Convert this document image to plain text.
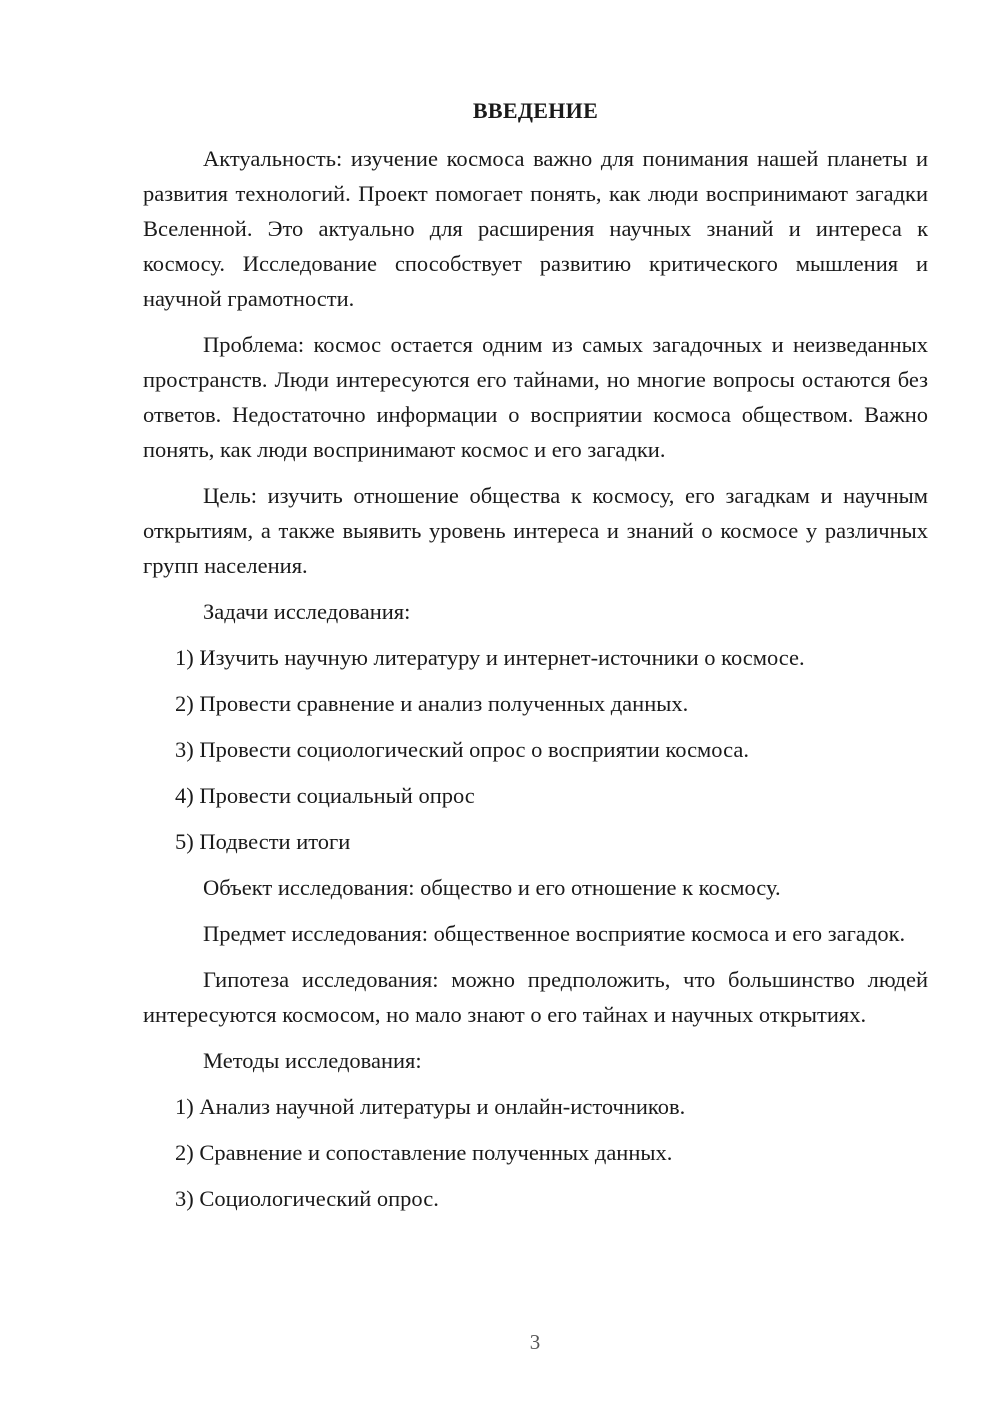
ВВЕДЕНИЕ

Актуальность: изучение космоса важно для понимания нашей планеты и развития технологий. Проект помогает понять, как люди воспринимают загадки Вселенной. Это актуально для расширения научных знаний и интереса к космосу. Исследование способствует развитию критического мышления и научной грамотности.

Проблема: космос остается одним из самых загадочных и неизведанных пространств. Люди интересуются его тайнами, но многие вопросы остаются без ответов. Недостаточно информации о восприятии космоса обществом. Важно понять, как люди воспринимают космос и его загадки.

Цель: изучить отношение общества к космосу, его загадкам и научным открытиям, а также выявить уровень интереса и знаний о космосе у различных групп населения.

Задачи исследования:

1) Изучить научную литературу и интернет-источники о космосе.
2) Провести сравнение и анализ полученных данных.
3) Провести социологический опрос о восприятии космоса.
4) Провести социальный опрос
5) Подвести итоги

Объект исследования: общество и его отношение к космосу.

Предмет исследования: общественное восприятие космоса и его загадок.

Гипотеза исследования: можно предположить, что большинство людей интересуются космосом, но мало знают о его тайнах и научных открытиях.

Методы исследования:

1) Анализ научной литературы и онлайн-источников.
2) Сравнение и сопоставление полученных данных.
3) Социологический опрос.
3
